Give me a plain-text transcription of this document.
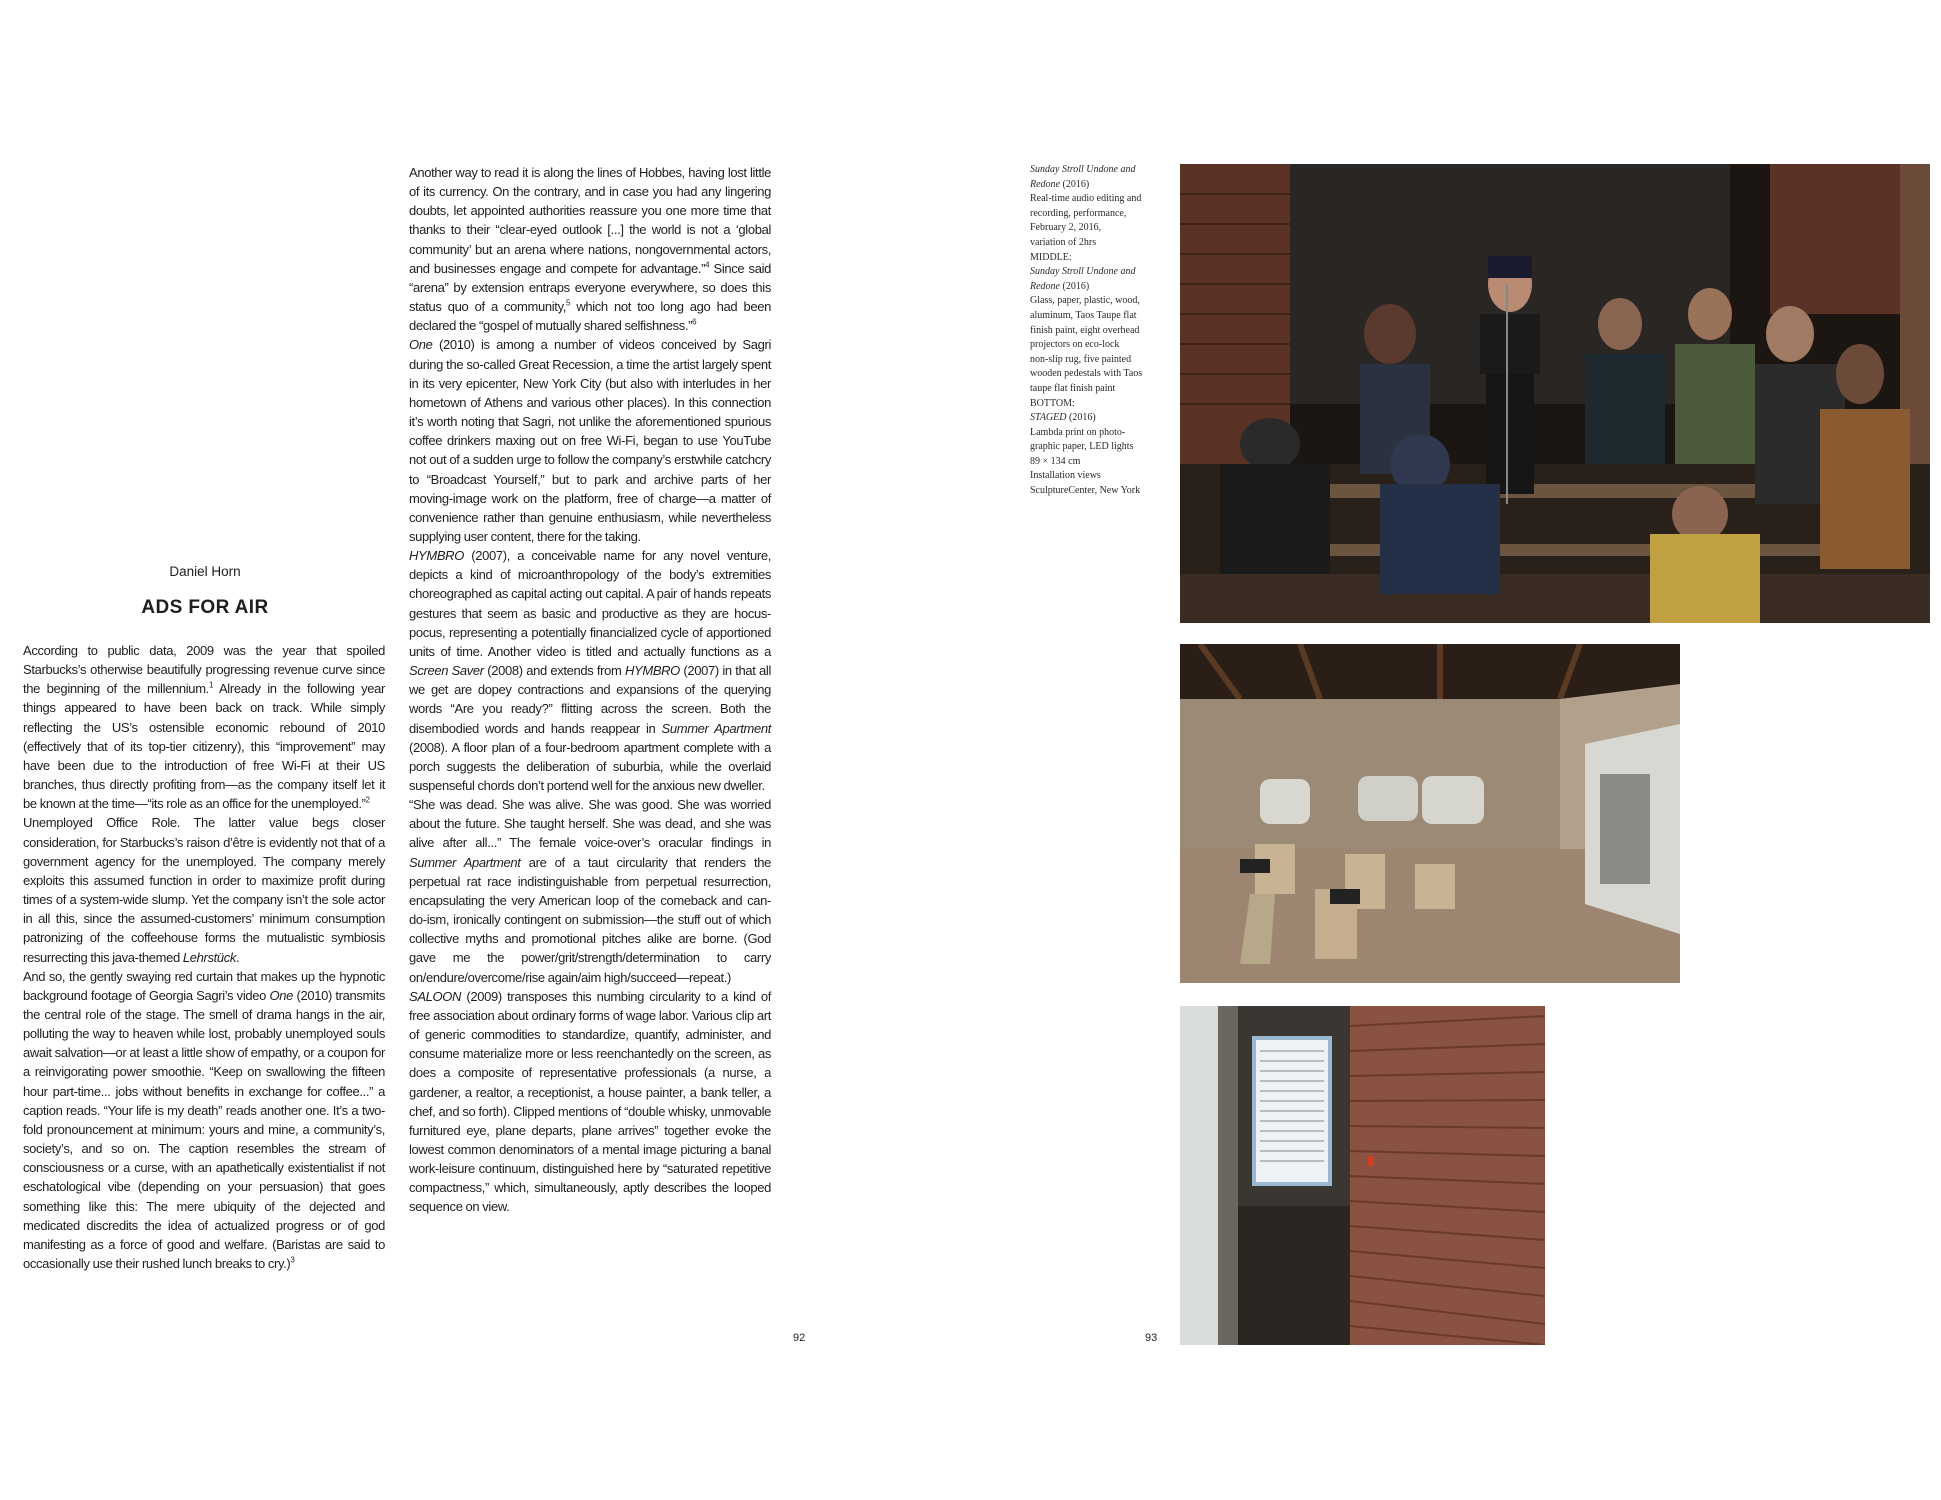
According to public data, 2009 was the year that spoiled Starbucks’s otherwise beautifully progressing revenue curve since the beginning of the millennium.$^1$ Already in the following year things appeared to have been back on track. While simply reflecting the US’s ostensible economic rebound of 2010 (effectively that of its top-tier citizenry), this “improvement” may have been due to the introduction of free Wi-Fi at their US branches, thus directly profiting from—as the company itself let it be known at the time—“its role as an office for the unemployed.”$^2$

Unemployed Office Role. The latter value begs closer consideration, for Starbucks’s raison d’être is evidently not that of a government agency for the unemployed. The company merely exploits this assumed function in order to maximize profit during times of a system-wide slump. Yet the company isn’t the sole actor in all this, since the assumed-customers’ minimum consumption patronizing of the coffeehouse forms the mutualistic symbiosis resurrecting this java-themed Lehrstück.

And so, the gently swaying red curtain that makes up the hypnotic background footage of Georgia Sagri’s video One (2010) transmits the central role of the stage. The smell of drama hangs in the air, polluting the way to heaven while lost, probably unemployed souls await salvation—or at least a little show of empathy, or a coupon for a reinvigorating power smoothie. “Keep on swallowing the fifteen hour part-time... jobs without benefits in exchange for coffee...” a caption reads. “Your life is my death” reads another one. It’s a two-fold pronouncement at minimum: yours and mine, a community’s, society’s, and so on. The caption resembles the stream of consciousness or a curse, with an apathetically existentialist if not eschatological vibe (depending on your persuasion) that goes something like this: The mere ubiquity of the dejected and medicated discredits the idea of actualized progress or of god manifesting as a force of good and welfare. (Baristas are said to occasionally use their rushed lunch breaks to cry.)$^3$

Daniel Horn
ADS FOR AIR

Another way to read it is along the lines of Hobbes, having lost little of its currency. On the contrary, and in case you had any lingering doubts, let appointed authorities reassure you one more time that thanks to their “clear-eyed outlook [...] the world is not a ‘global community’ but an arena where nations, nongovernmental actors, and businesses engage and compete for advantage.”$^4$ Since said “arena” by extension entraps everyone everywhere, so does this status quo of a community,$^5$ which not too long ago had been declared the “gospel of mutually shared selfishness.”$^6$

One (2010) is among a number of videos conceived by Sagri during the so-called Great Recession, a time the artist largely spent in its very epicenter, New York City (but also with interludes in her hometown of Athens and various other places). In this connection it’s worth noting that Sagri, not unlike the aforementioned spurious coffee drinkers maxing out on free Wi-Fi, began to use YouTube not out of a sudden urge to follow the company’s erstwhile catchcry to “Broadcast Yourself,” but to park and archive parts of her moving-image work on the platform, free of charge—a matter of convenience rather than genuine enthusiasm, while nevertheless supplying user content, there for the taking.

HYMBRO (2007), a conceivable name for any novel venture, depicts a kind of microanthropology of the body’s extremities choreographed as capital acting out capital. A pair of hands repeats gestures that seem as basic and productive as they are hocus-pocus, representing a potentially financialized cycle of apportioned units of time. Another video is titled and actually functions as a Screen Saver (2008) and extends from HYMBRO (2007) in that all we get are dopey contractions and expansions of the querying words “Are you ready?” flitting across the screen. Both the disembodied words and hands reappear in Summer Apartment (2008). A floor plan of a four-bedroom apartment complete with a porch suggests the deliberation of suburbia, while the overlaid suspenseful chords don’t portend well for the anxious new dweller.

“She was dead. She was alive. She was good. She was worried about the future. She taught herself. She was dead, and she was alive after all...” The female voice-over’s oracular findings in Summer Apartment are of a taut circularity that renders the perpetual rat race indistinguishable from perpetual resurrection, encapsulating the very American loop of the comeback and can-do-ism, ironically contingent on submission—the stuff out of which collective myths and promotional pitches alike are borne. (God gave me the power/grit/strength/determination to carry on/endure/overcome/rise again/aim high/succeed—repeat.)

SALOON (2009) transposes this numbing circularity to a kind of free association about ordinary forms of wage labor. Various clip art of generic commodities to standardize, quantify, administer, and consume materialize more or less reenchantedly on the screen, as does a composite of representative professionals (a nurse, a gardener, a realtor, a receptionist, a house painter, a bank teller, a chef, and so forth). Clipped mentions of “double whisky, unmovable furnitured eye, plane departs, plane arrives” together evoke the lowest common denominators of a mental image picturing a banal work-leisure continuum, distinguished here by “saturated repetitive compactness,” which, simultaneously, aptly describes the looped sequence on view.

92	93
Sunday Stroll Undone and
Redone (2016)
Real-time audio editing and
recording, performance,
February 2, 2016,
variation of 2hrs
MIDDLE:
Sunday Stroll Undone and
Redone (2016)
Glass, paper, plastic, wood,
aluminum, Taos Taupe flat
finish paint, eight overhead
projectors on eco-lock
non-slip rug, five painted
wooden pedestals with Taos
taupe flat finish paint
BOTTOM:
STAGED (2016)
Lambda print on photo-
graphic paper, LED lights
89 × 134 cm
Installation views
SculptureCenter, New York
